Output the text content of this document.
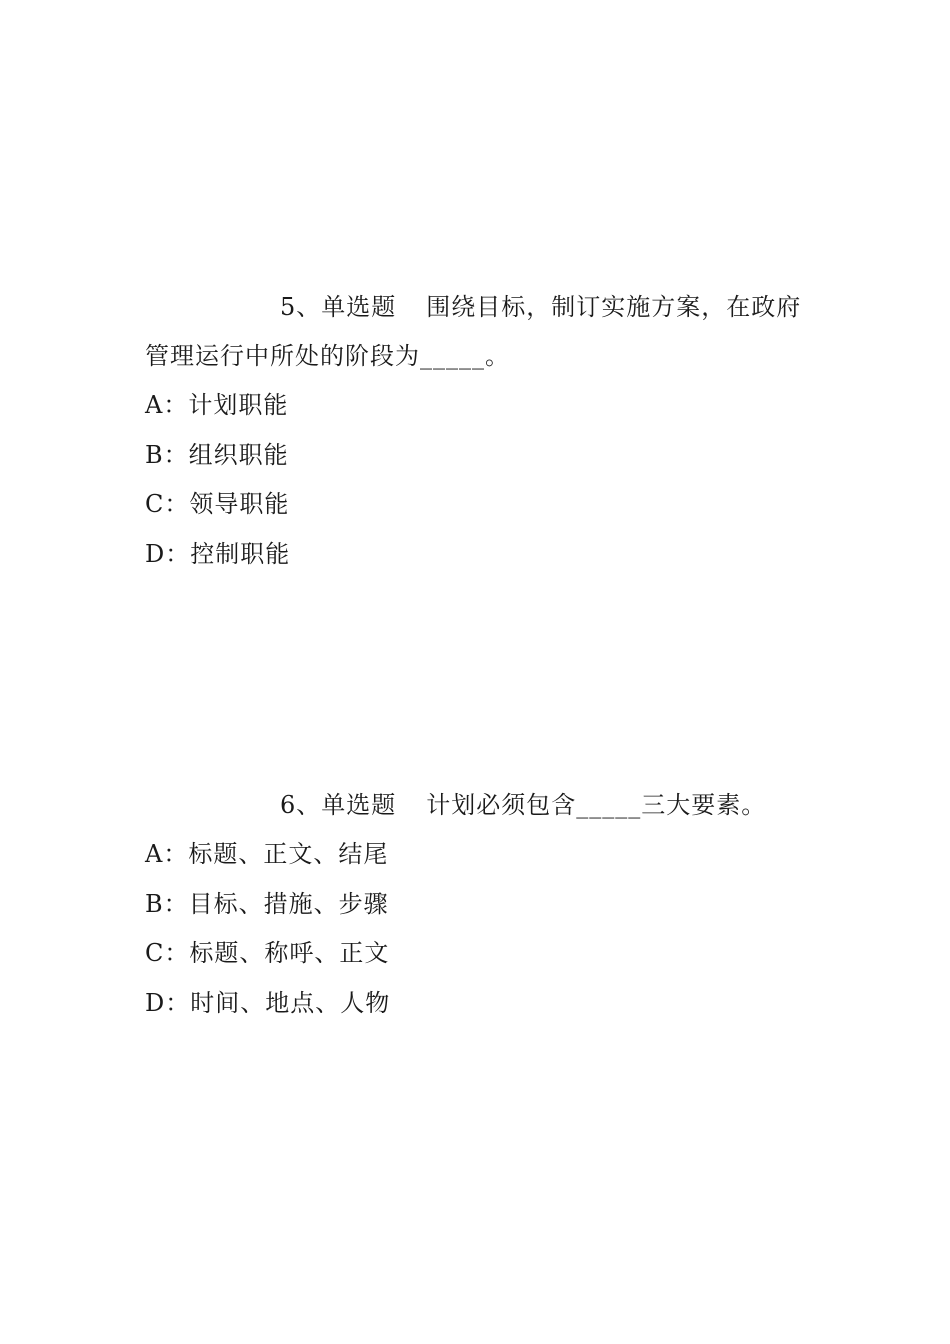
5、单选题 围绕目标，制订实施方案，在政府管理运行中所处的阶段为_____。

A：计划职能
B：组织职能
C：领导职能
D：控制职能

6、单选题 计划必须包含_____三大要素。

A：标题、正文、结尾
B：目标、措施、步骤
C：标题、称呼、正文
D：时间、地点、人物
